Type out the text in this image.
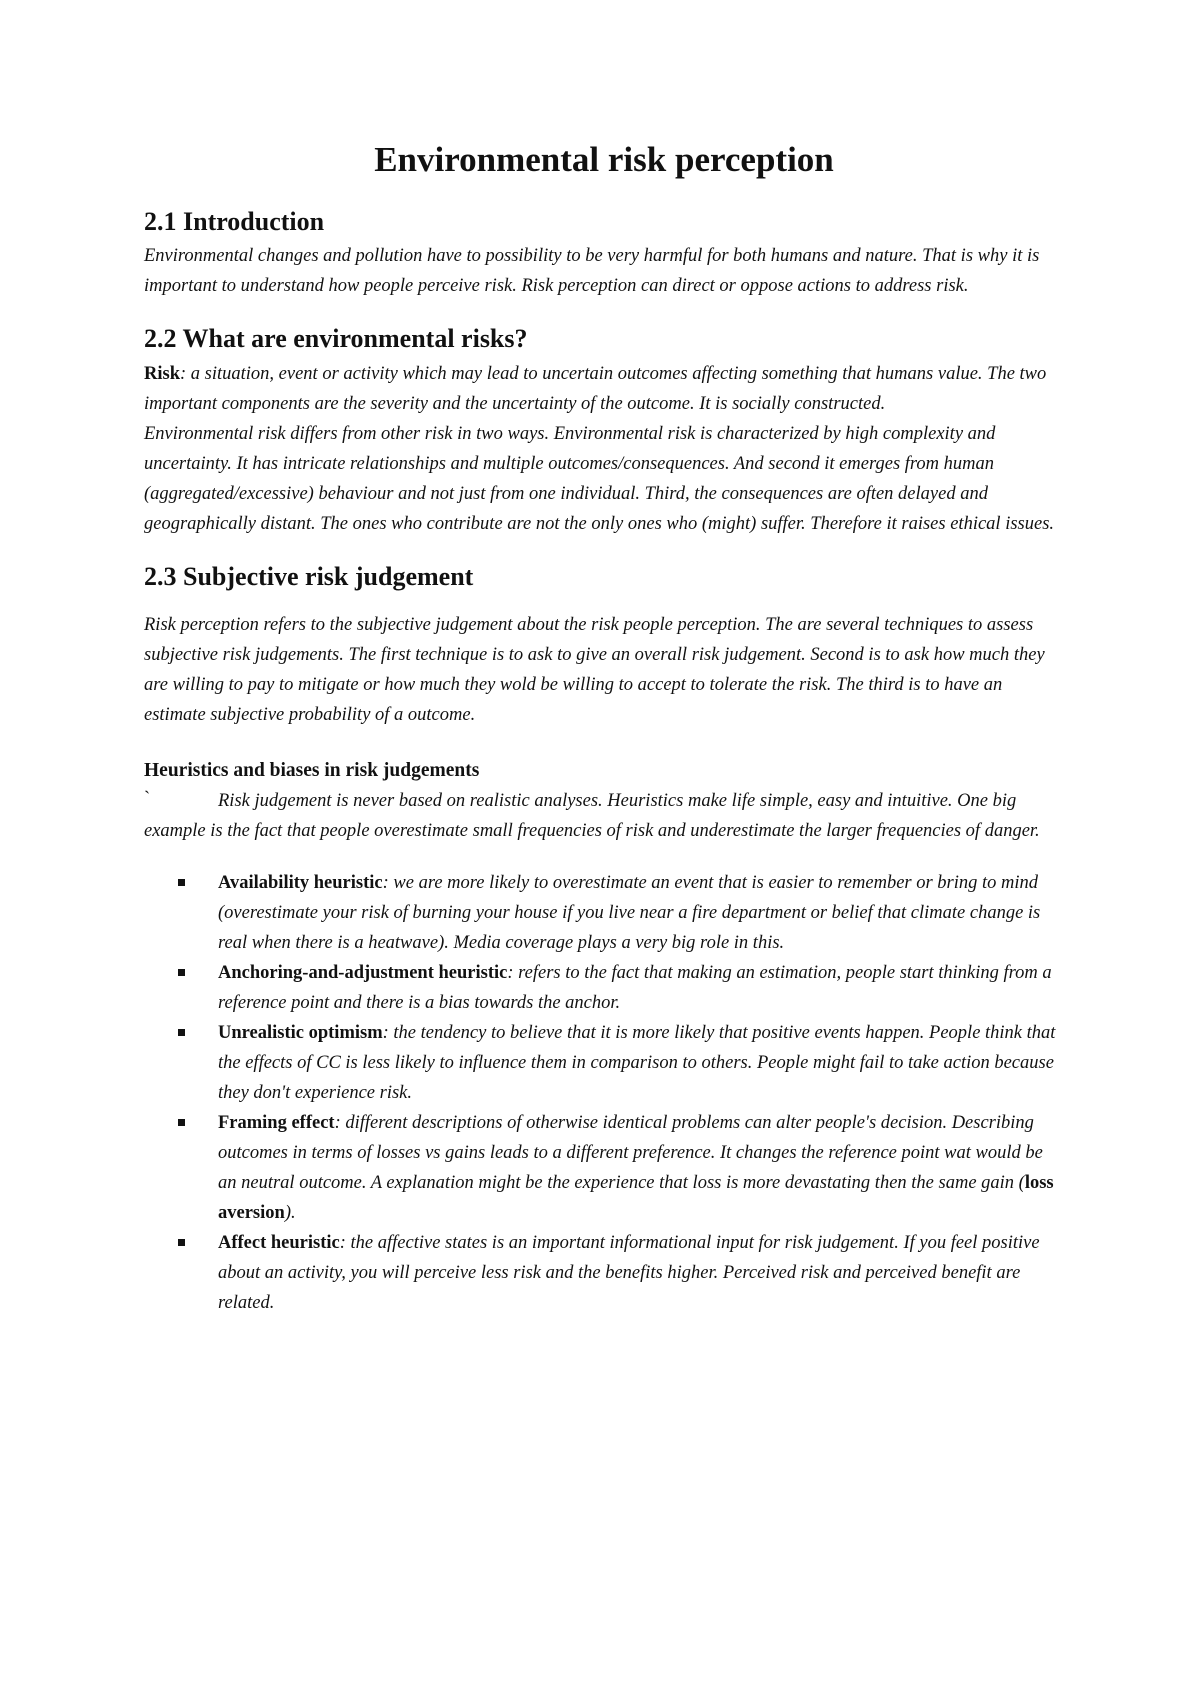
Environmental risk perception
2.1 Introduction

Environmental changes and pollution have to possibility to be very harmful for both humans and nature. That is why it is important to understand how people perceive risk. Risk perception can direct or oppose actions to address risk.

2.2 What are environmental risks?

Risk: a situation, event or activity which may lead to uncertain outcomes affecting something that humans value. The two important components are the severity and the uncertainty of the outcome. It is socially constructed.

Environmental risk differs from other risk in two ways. Environmental risk is characterized by high complexity and uncertainty. It has intricate relationships and multiple outcomes/consequences. And second it emerges from human (aggregated/excessive) behaviour and not just from one individual. Third, the consequences are often delayed and geographically distant. The ones who contribute are not the only ones who (might) suffer. Therefore it raises ethical issues.

2.3 Subjective risk judgement

Risk perception refers to the subjective judgement about the risk people perception. The are several techniques to assess subjective risk judgements. The first technique is to ask to give an overall risk judgement. Second is to ask how much they are willing to pay to mitigate or how much they wold be willing to accept to tolerate the risk. The third is to have an estimate subjective probability of a outcome.

Heuristics and biases in risk judgements

`	Risk judgement is never based on realistic analyses. Heuristics make life simple, easy and intuitive. One big example is the fact that people overestimate small frequencies of risk and underestimate the larger frequencies of danger.

Availability heuristic: we are more likely to overestimate an event that is easier to remember or bring to mind (overestimate your risk of burning your house if you live near a fire department or belief that climate change is real when there is a heatwave). Media coverage plays a very big role in this.
Anchoring-and-adjustment heuristic: refers to the fact that making an estimation, people start thinking from a reference point and there is a bias towards the anchor.
Unrealistic optimism: the tendency to believe that it is more likely that positive events happen. People think that the effects of CC is less likely to influence them in comparison to others. People might fail to take action because they don't experience risk.
Framing effect: different descriptions of otherwise identical problems can alter people's decision. Describing outcomes in terms of losses vs gains leads to a different preference. It changes the reference point wat would be an neutral outcome. A explanation might be the experience that loss is more devastating then the same gain (loss aversion).
Affect heuristic: the affective states is an important informational input for risk judgement. If you feel positive about an activity, you will perceive less risk and the benefits higher. Perceived risk and perceived benefit are related.
